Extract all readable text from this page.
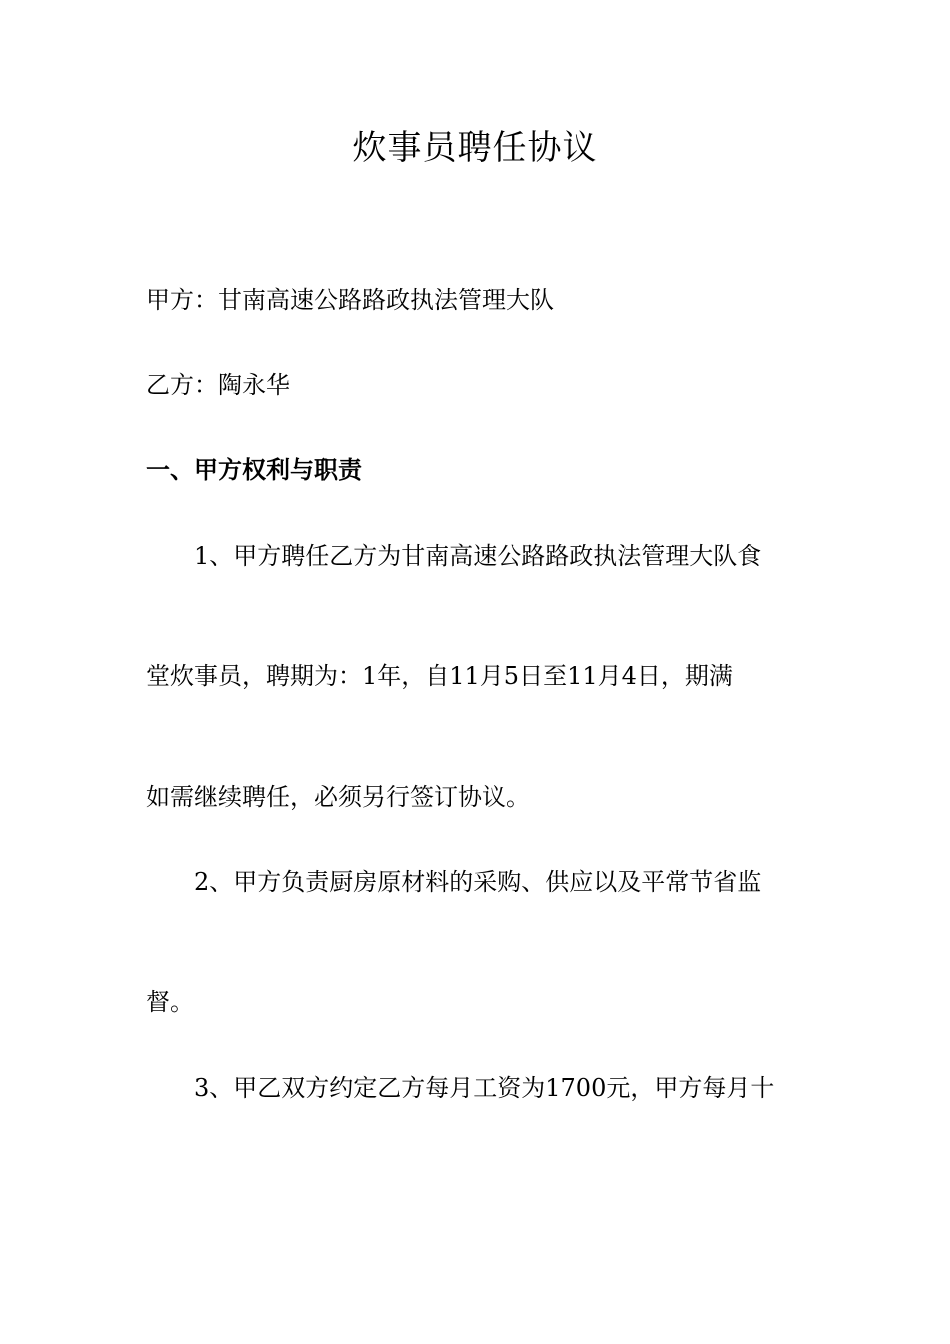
炊事员聘任协议
甲方：甘南高速公路路政执法管理大队
乙方：陶永华
一、甲方权利与职责
1、甲方聘任乙方为甘南高速公路路政执法管理大队食
堂炊事员，聘期为：1年，自11月5日至11月4日，期满
如需继续聘任，必须另行签订协议。
2、甲方负责厨房原材料的采购、供应以及平常节省监
督。
3、甲乙双方约定乙方每月工资为1700元，甲方每月十
